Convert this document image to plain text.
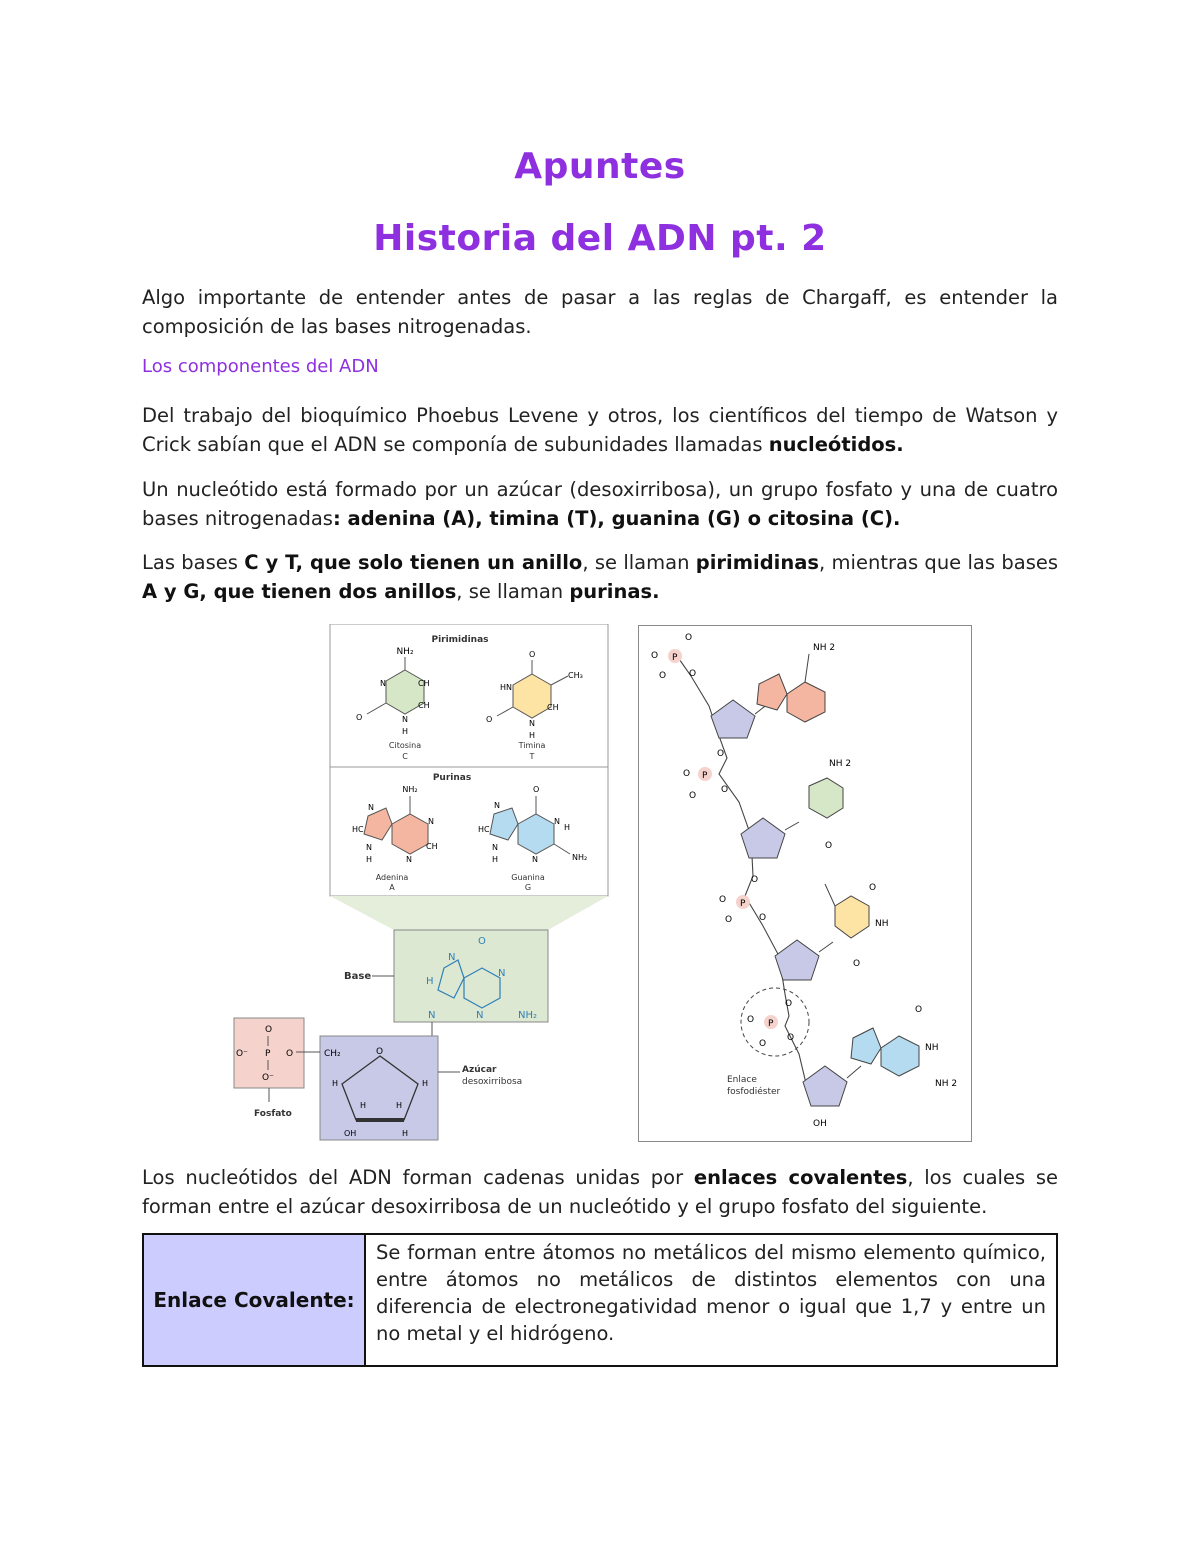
Apuntes
Historia del ADN pt. 2
Algo importante de entender antes de pasar a las reglas de Chargaff, es entender la composición de las bases nitrogenadas.
Los componentes del ADN
Del trabajo del bioquímico Phoebus Levene y otros, los científicos del tiempo de Watson y Crick sabían que el ADN se componía de subunidades llamadas nucleótidos.
Un nucleótido está formado por un azúcar (desoxirribosa), un grupo fosfato y una de cuatro bases nitrogenadas: adenina (A), timina (T), guanina (G) o citosina (C).
Las bases C y T, que solo tienen un anillo, se llaman pirimidinas, mientras que las bases A y G, que tienen dos anillos, se llaman purinas.
Pirimidinas
Purinas
NH₂
N	CH
CH
N
H
O
Citosina
C
O
CH₃
HN
CH
N
H
O
Timina
T
NH₂
N
HC
N
CH
N
N
H
Adenina
A
O
N
HC
N
H
N	NH₂
N
H
Guanina
G
O
H
N
N
N
N	NH₂
Base
O
CH₂
H	H
H	H
OH	H
Azúcar
desoxirribosa
O
O⁻ P O
O⁻
Fosfato
P
O
O
O	O
NH 2
P
O
O
O
O
NH 2
O
P
O
O
O	O
O
NH
O
P
O
O
O
O
O
NH
NH 2
OH
Enlace
fosfodiéster
Los nucleótidos del ADN forman cadenas unidas por enlaces covalentes, los cuales se forman entre el azúcar desoxirribosa de un nucleótido y el grupo fosfato del siguiente.
Enlace Covalente:
Se forman entre átomos no metálicos del mismo elemento químico, entre átomos no metálicos de distintos elementos con una diferencia de electronegatividad menor o igual que 1,7 y entre un no metal y el hidrógeno.
